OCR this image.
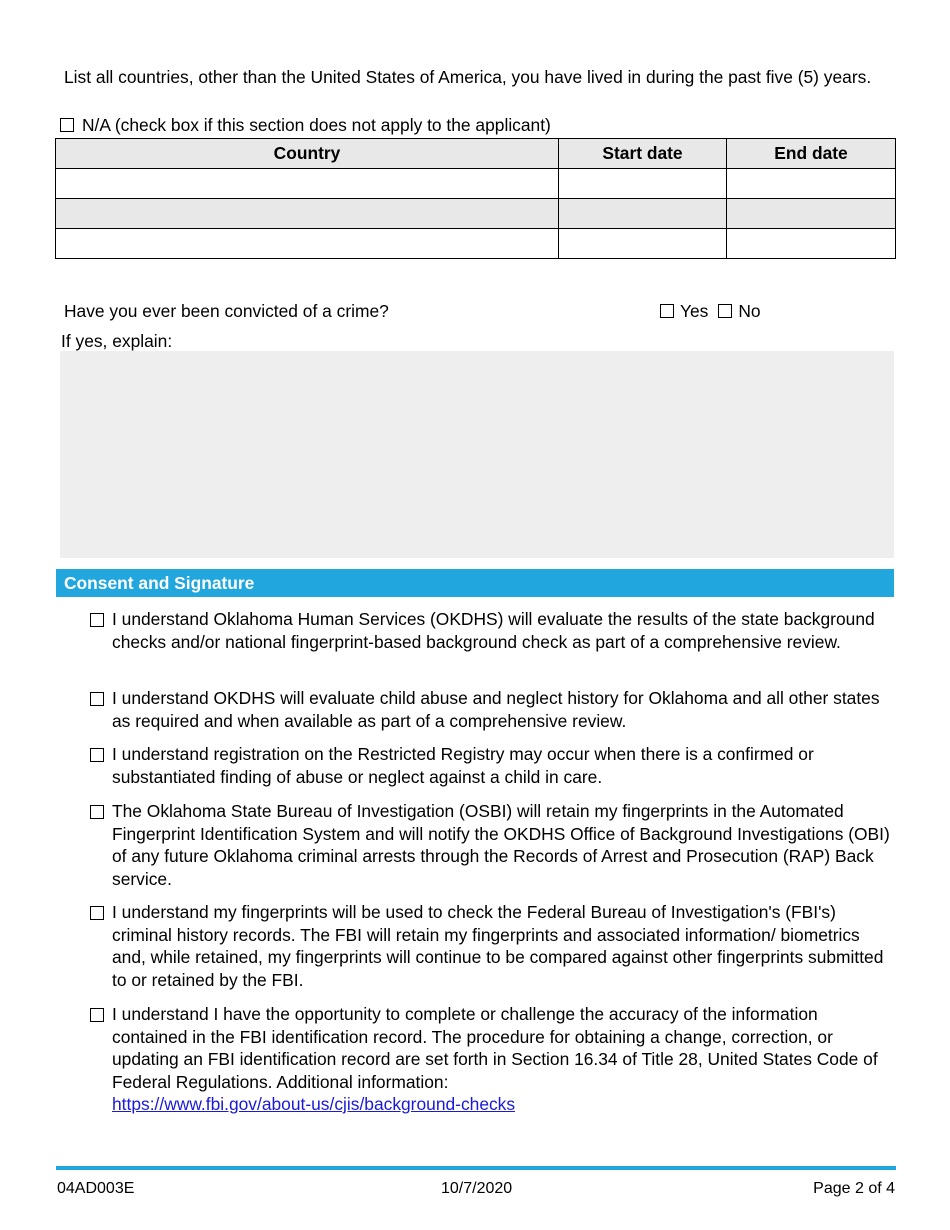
List all countries, other than the United States of America, you have lived in during the past five (5) years.
N/A (check box if this section does not apply to the applicant)
Country	Start date	End date

Have you ever been convicted of a crime?	Yes No
If yes, explain:
Consent and Signature
I understand Oklahoma Human Services (OKDHS) will evaluate the results of the state background checks and/or national fingerprint-based background check as part of a comprehensive review.
I understand OKDHS will evaluate child abuse and neglect history for Oklahoma and all other states as required and when available as part of a comprehensive review.
I understand registration on the Restricted Registry may occur when there is a confirmed or substantiated finding of abuse or neglect against a child in care.
The Oklahoma State Bureau of Investigation (OSBI) will retain my fingerprints in the Automated Fingerprint Identification System and will notify the OKDHS Office of Background Investigations (OBI) of any future Oklahoma criminal arrests through the Records of Arrest and Prosecution (RAP) Back service.
I understand my fingerprints will be used to check the Federal Bureau of Investigation's (FBI's) criminal history records. The FBI will retain my fingerprints and associated information/ biometrics and, while retained, my fingerprints will continue to be compared against other fingerprints submitted to or retained by the FBI.
I understand I have the opportunity to complete or challenge the accuracy of the information contained in the FBI identification record. The procedure for obtaining a change, correction, or updating an FBI identification record are set forth in Section 16.34 of Title 28, United States Code of Federal Regulations. Additional information:
https://www.fbi.gov/about-us/cjis/background-checks
04AD003E	10/7/2020	Page 2 of 4
